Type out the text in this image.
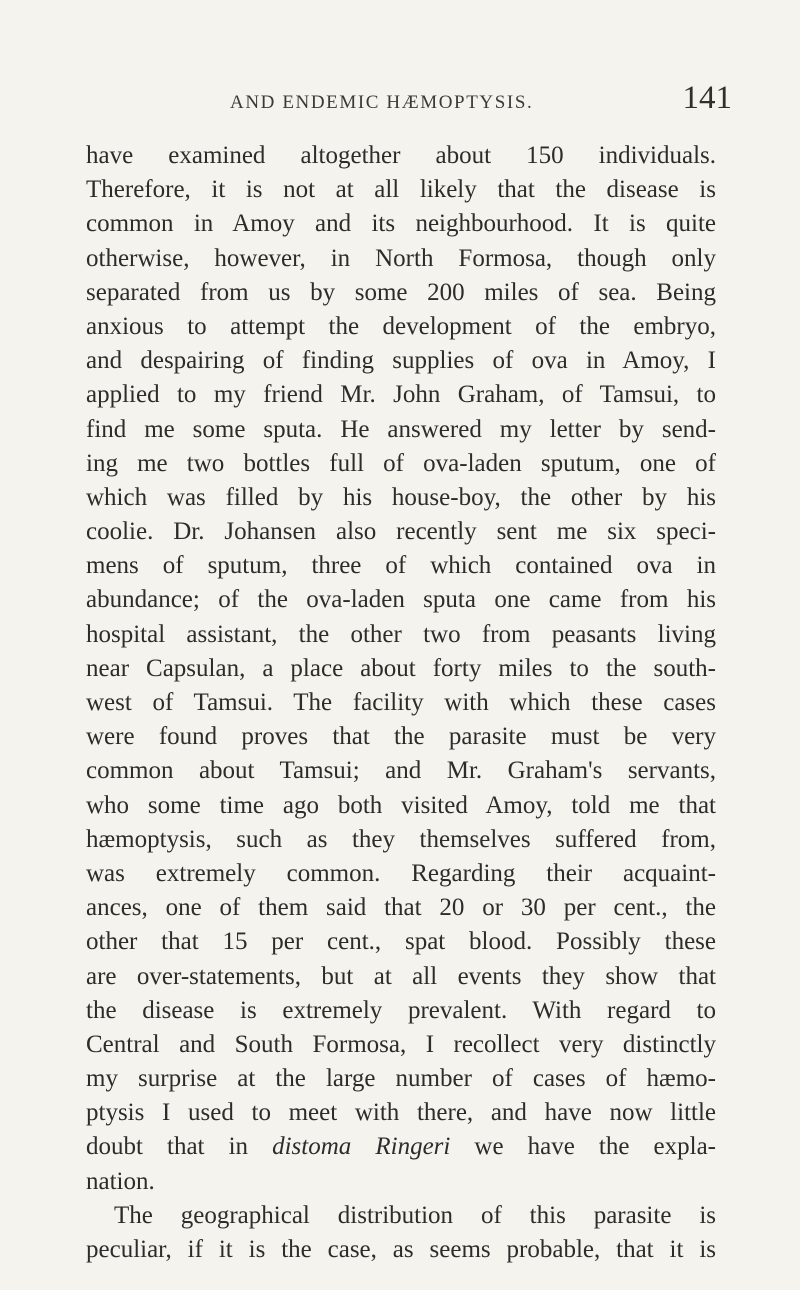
AND ENDEMIC HÆMOPTYSIS.	141
have examined altogether about 150 individuals.
Therefore, it is not at all likely that the disease is
common in Amoy and its neighbourhood. It is quite
otherwise, however, in North Formosa, though only
separated from us by some 200 miles of sea. Being
anxious to attempt the development of the embryo,
and despairing of finding supplies of ova in Amoy, I
applied to my friend Mr. John Graham, of Tamsui, to
find me some sputa. He answered my letter by send-
ing me two bottles full of ova-laden sputum, one of
which was filled by his house-boy, the other by his
coolie. Dr. Johansen also recently sent me six speci-
mens of sputum, three of which contained ova in
abundance; of the ova-laden sputa one came from his
hospital assistant, the other two from peasants living
near Capsulan, a place about forty miles to the south-
west of Tamsui. The facility with which these cases
were found proves that the parasite must be very
common about Tamsui; and Mr. Graham's servants,
who some time ago both visited Amoy, told me that
hæmoptysis, such as they themselves suffered from,
was extremely common. Regarding their acquaint-
ances, one of them said that 20 or 30 per cent., the
other that 15 per cent., spat blood. Possibly these
are over-statements, but at all events they show that
the disease is extremely prevalent. With regard to
Central and South Formosa, I recollect very distinctly
my surprise at the large number of cases of hæmo-
ptysis I used to meet with there, and have now little
doubt that in distoma Ringeri we have the expla-
nation.
The geographical distribution of this parasite is
peculiar, if it is the case, as seems probable, that it is
